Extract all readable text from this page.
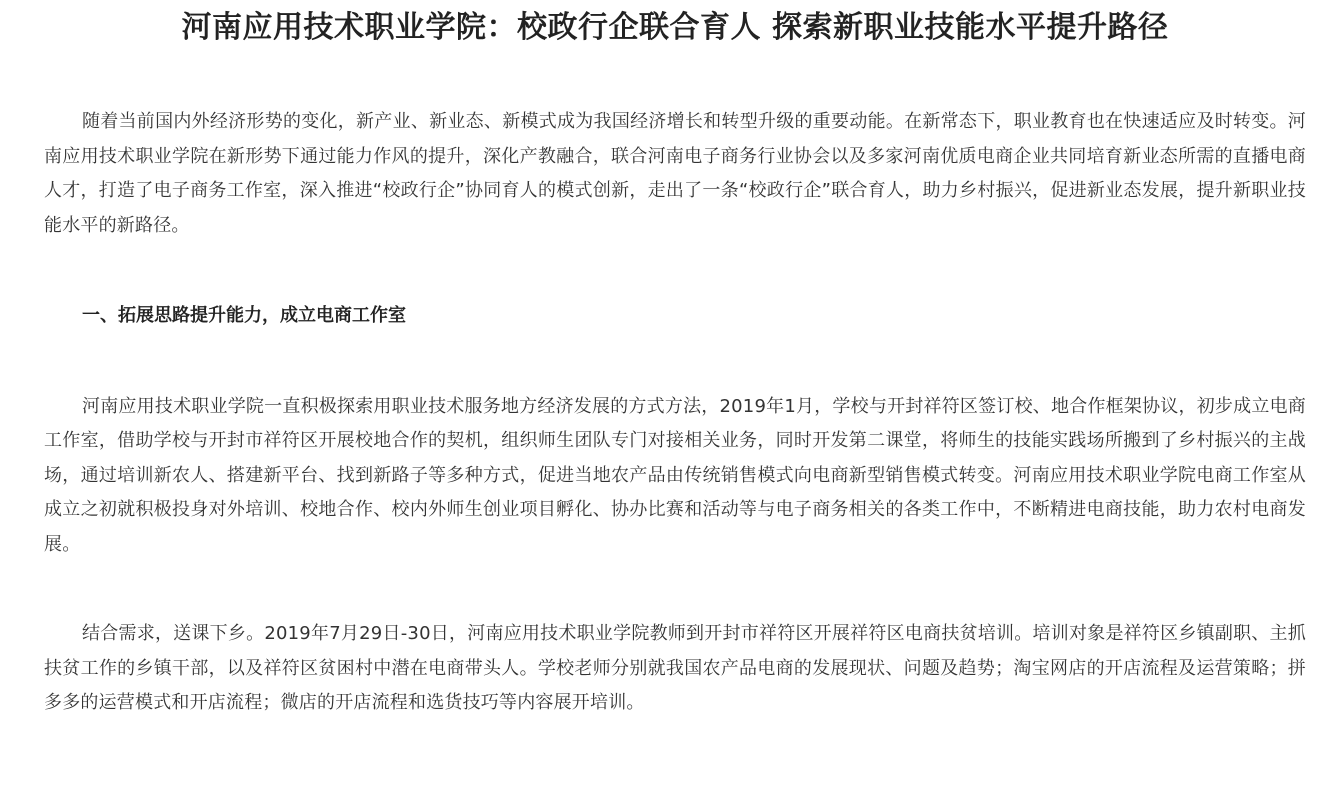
河南应用技术职业学院：校政行企联合育人 探索新职业技能水平提升路径

随着当前国内外经济形势的变化，新产业、新业态、新模式成为我国经济增长和转型升级的重要动能。在新常态下，职业教育也在快速适应及时转变。河南应用技术职业学院在新形势下通过能力作风的提升，深化产教融合，联合河南电子商务行业协会以及多家河南优质电商企业共同培育新业态所需的直播电商人才，打造了电子商务工作室，深入推进“校政行企”协同育人的模式创新，走出了一条“校政行企”联合育人，助力乡村振兴，促进新业态发展，提升新职业技能水平的新路径。

一、拓展思路提升能力，成立电商工作室

河南应用技术职业学院一直积极探索用职业技术服务地方经济发展的方式方法，2019年1月，学校与开封祥符区签订校、地合作框架协议，初步成立电商工作室，借助学校与开封市祥符区开展校地合作的契机，组织师生团队专门对接相关业务，同时开发第二课堂，将师生的技能实践场所搬到了乡村振兴的主战场，通过培训新农人、搭建新平台、找到新路子等多种方式，促进当地农产品由传统销售模式向电商新型销售模式转变。河南应用技术职业学院电商工作室从成立之初就积极投身对外培训、校地合作、校内外师生创业项目孵化、协办比赛和活动等与电子商务相关的各类工作中，不断精进电商技能，助力农村电商发展。

结合需求，送课下乡。2019年7月29日-30日，河南应用技术职业学院教师到开封市祥符区开展祥符区电商扶贫培训。培训对象是祥符区乡镇副职、主抓扶贫工作的乡镇干部，以及祥符区贫困村中潜在电商带头人。学校老师分别就我国农产品电商的发展现状、问题及趋势；淘宝网店的开店流程及运营策略；拼多多的运营模式和开店流程；微店的开店流程和选货技巧等内容展开培训。
